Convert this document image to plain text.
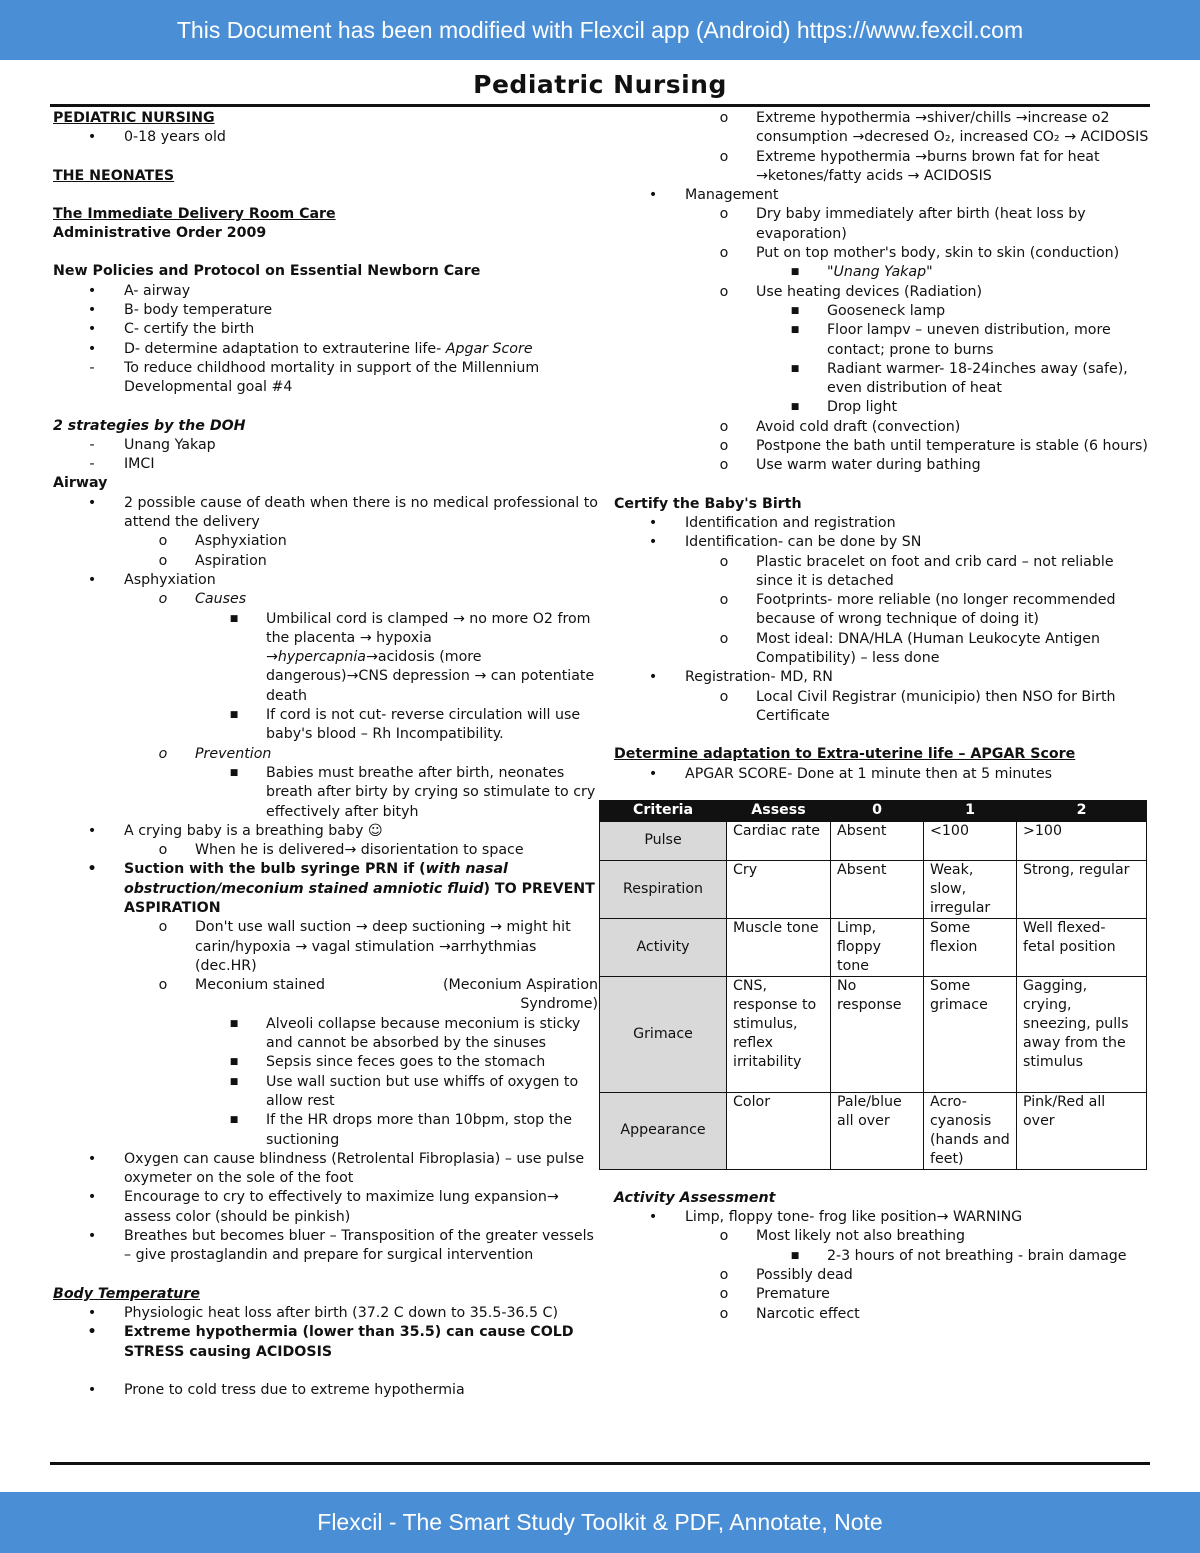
This Document has been modified with Flexcil app (Android) https://www.fexcil.com
Pediatric Nursing

PEDIATRIC NURSING

• 0-18 years old

THE NEONATES

The Immediate Delivery Room Care

Administrative Order 2009

New Policies and Protocol on Essential Newborn Care

• A- airway

• B- body temperature

• C- certify the birth

• D- determine adaptation to extrauterine life- Apgar Score

-	To reduce childhood mortality in support of the Millennium Developmental goal #4

2 strategies by the DOH

-	Unang Yakap

-	IMCI

Airway

• 2 possible cause of death when there is no medical professional to attend the delivery

o Asphyxiation

o Aspiration

• Asphyxiation

o Causes

■ Umbilical cord is clamped → no more O2 from the placenta → hypoxia →hypercapnia→acidosis (more dangerous)→CNS depression → can potentiate death

■ If cord is not cut- reverse circulation will use baby's blood – Rh Incompatibility.

o Prevention

■ Babies must breathe after birth, neonates breath after birty by crying so stimulate to cry effectively after bityh

• A crying baby is a breathing baby ☺

o When he is delivered→ disorientation to space

• Suction with the bulb syringe PRN if (with nasal obstruction/meconium stained amniotic fluid) TO PREVENT ASPIRATION

o Don't use wall suction → deep suctioning → might hit carin/hypoxia → vagal stimulation →arrhythmias (dec.HR)

o Meconium stained	(Meconium Aspiration Syndrome)

■ Alveoli collapse because meconium is sticky and cannot be absorbed by the sinuses

■ Sepsis since feces goes to the stomach

■ Use wall suction but use whiffs of oxygen to allow rest

■ If the HR drops more than 10bpm, stop the suctioning

• Oxygen can cause blindness (Retrolental Fibroplasia) – use pulse oxymeter on the sole of the foot

• Encourage to cry to effectively to maximize lung expansion→ assess color (should be pinkish)

• Breathes but becomes bluer – Transposition of the greater vessels – give prostaglandin and prepare for surgical intervention

Body Temperature

• Physiologic heat loss after birth (37.2 C down to 35.5-36.5 C)

• Extreme hypothermia (lower than 35.5) can cause COLD STRESS causing ACIDOSIS

• Prone to cold tress due to extreme hypothermia

o Extreme hypothermia →shiver/chills →increase o2 consumption →decresed O₂, increased CO₂ → ACIDOSIS

o Extreme hypothermia →burns brown fat for heat →ketones/fatty acids → ACIDOSIS

• Management

o Dry baby immediately after birth (heat loss by evaporation)

o Put on top mother's body, skin to skin (conduction)

■ "Unang Yakap"

o Use heating devices (Radiation)

■ Gooseneck lamp

■ Floor lampv – uneven distribution, more contact; prone to burns

■ Radiant warmer- 18-24inches away (safe), even distribution of heat

■ Drop light

o Avoid cold draft (convection)

o Postpone the bath until temperature is stable (6 hours)

o Use warm water during bathing

Certify the Baby's Birth

• Identification and registration

• Identification- can be done by SN

o Plastic bracelet on foot and crib card – not reliable since it is detached

o Footprints- more reliable (no longer recommended because of wrong technique of doing it)

o Most ideal: DNA/HLA (Human Leukocyte Antigen Compatibility) – less done

• Registration- MD, RN

o Local Civil Registrar (municipio) then NSO for Birth Certificate

Determine adaptation to Extra-uterine life – APGAR Score

• APGAR SCORE- Done at 1 minute then at 5 minutes

Criteria	Assess	0	1	2
Pulse	Cardiac rate	Absent	<100	>100
Respiration	Cry	Absent	Weak, slow, irregular	Strong, regular
Activity	Muscle tone	Limp, floppy tone	Some flexion	Well flexed- fetal position
Grimace	CNS, response to stimulus, reflex irritability	No response	Some grimace	Gagging, crying, sneezing, pulls away from the stimulus
Appearance	Color	Pale/blue all over	Acro- cyanosis (hands and feet)	Pink/Red all over

Activity Assessment

• Limp, floppy tone- frog like position→ WARNING

o Most likely not also breathing

■ 2-3 hours of not breathing - brain damage

o Possibly dead

o Premature

o Narcotic effect

Flexcil - The Smart Study Toolkit & PDF, Annotate, Note
